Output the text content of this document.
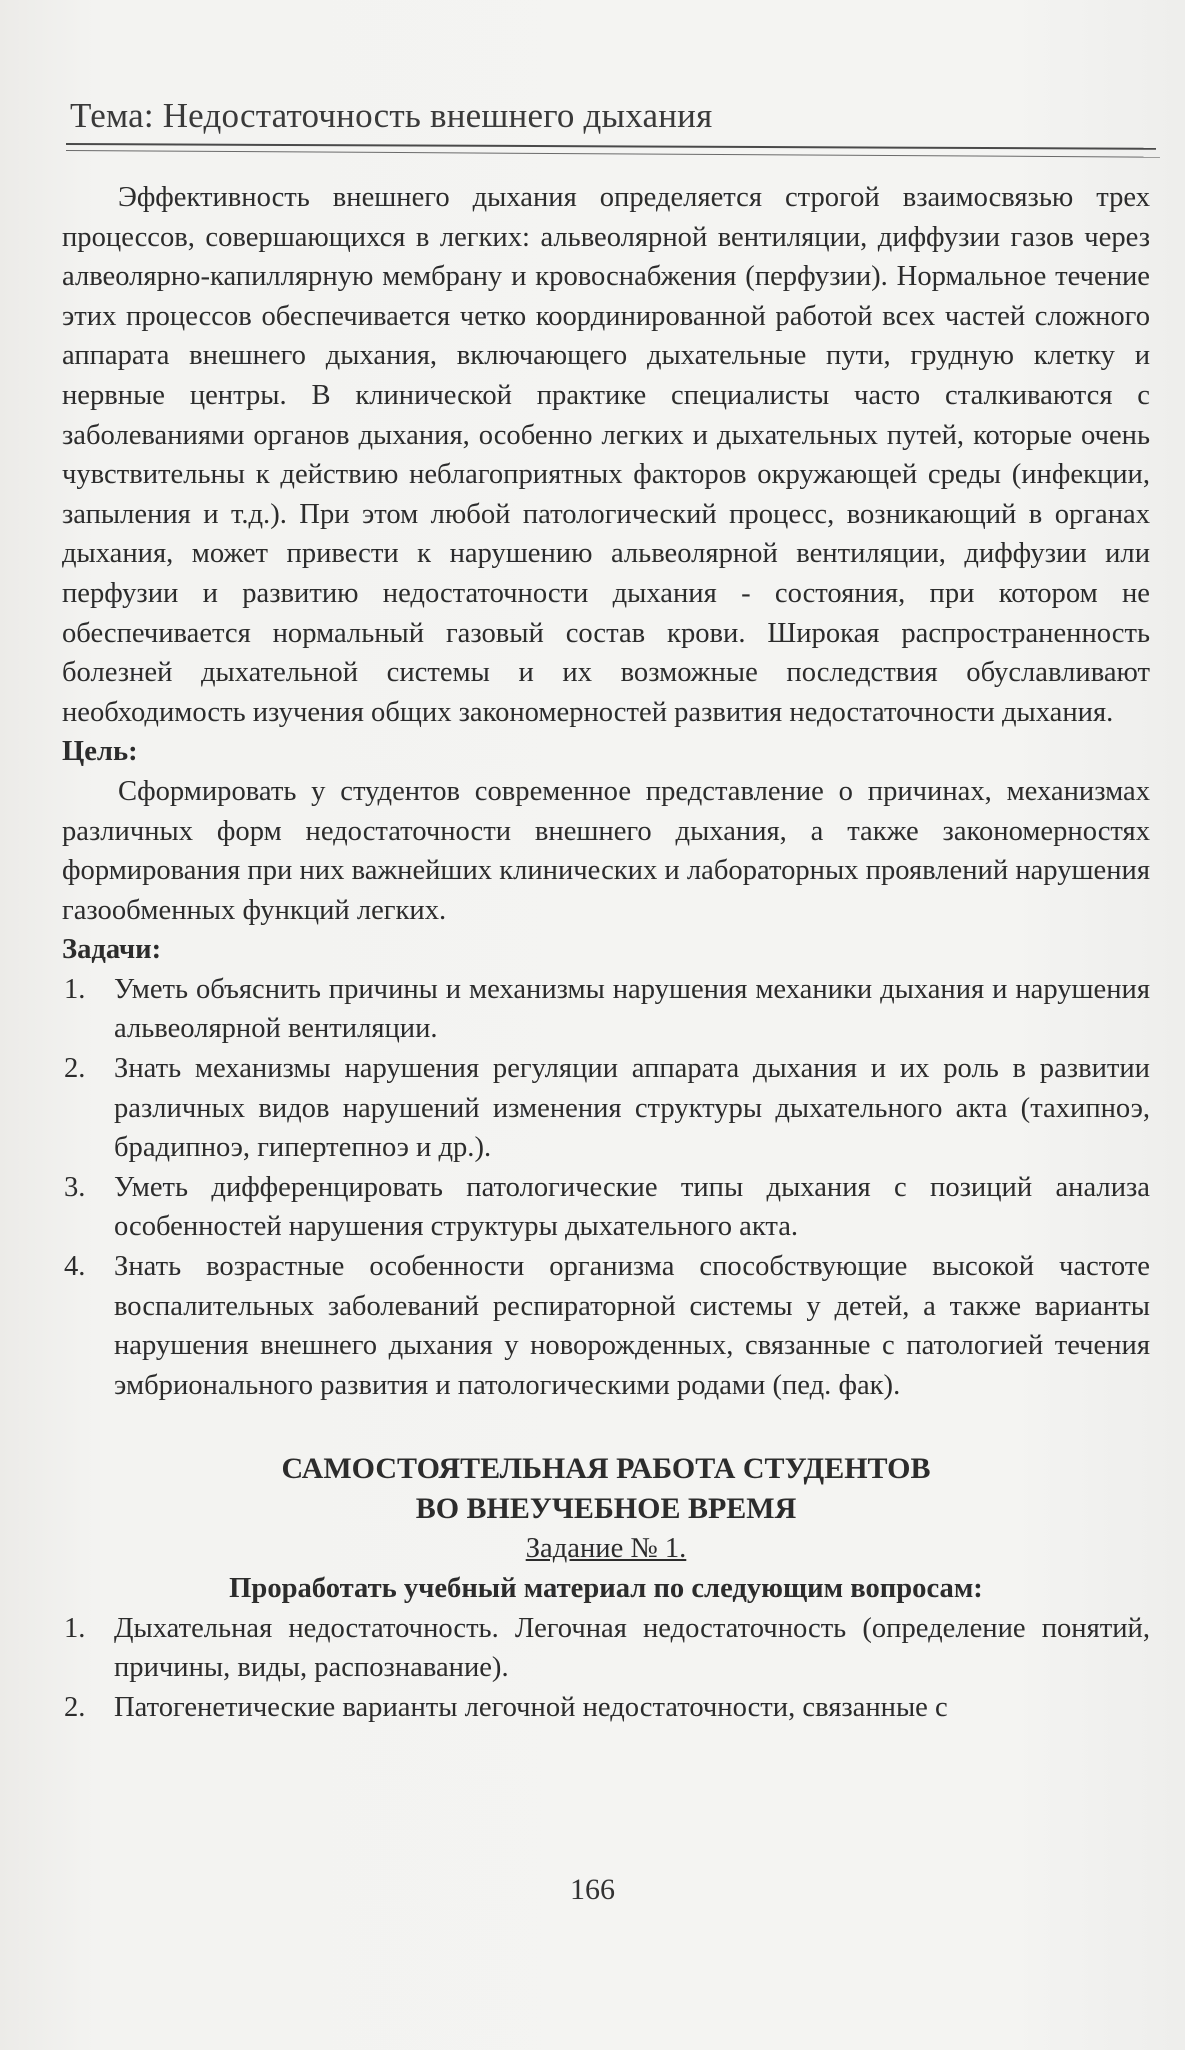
Тема: Недостаточность внешнего дыхания

Эффективность внешнего дыхания определяется строгой взаимосвязью трех процессов, совершающихся в легких: альвеолярной вентиляции, диффузии газов через алвеолярно-капиллярную мембрану и кровоснабжения (перфузии). Нормальное течение этих процессов обеспечивается четко координированной работой всех частей сложного аппарата внешнего дыхания, включающего дыхательные пути, грудную клетку и нервные центры. В клинической практике специалисты часто сталкиваются с заболеваниями органов дыхания, особенно легких и дыхательных путей, которые очень чувствительны к действию неблагоприятных факторов окружающей среды (инфекции, запыления и т.д.). При этом любой патологический процесс, возникающий в органах дыхания, может привести к нарушению альвеолярной вентиляции, диффузии или перфузии и развитию недостаточности дыхания - состояния, при котором не обеспечивается нормальный газовый состав крови. Широкая распространенность болезней дыхательной системы и их возможные последствия обуславливают необходимость изучения общих закономерностей развития недостаточности дыхания.

Цель:

Сформировать у студентов современное представление о причинах, механизмах различных форм недостаточности внешнего дыхания, а также закономерностях формирования при них важнейших клинических и лабораторных проявлений нарушения газообменных функций легких.

Задачи:

1. Уметь объяснить причины и механизмы нарушения механики дыхания и нарушения альвеолярной вентиляции.
2. Знать механизмы нарушения регуляции аппарата дыхания и их роль в развитии различных видов нарушений изменения структуры дыхательного акта (тахипноэ, брадипноэ, гипертепноэ и др.).
3. Уметь дифференцировать патологические типы дыхания с позиций анализа особенностей нарушения структуры дыхательного акта.
4. Знать возрастные особенности организма способствующие высокой частоте воспалительных заболеваний респираторной системы у детей, а также варианты нарушения внешнего дыхания у новорожденных, связанные с патологией течения эмбрионального развития и патологическими родами (пед. фак).

САМОСТОЯТЕЛЬНАЯ РАБОТА СТУДЕНТОВ

ВО ВНЕУЧЕБНОЕ ВРЕМЯ

Задание № 1.

Проработать учебный материал по следующим вопросам:

1. Дыхательная недостаточность. Легочная недостаточность (определение понятий, причины, виды, распознавание).
2. Патогенетические варианты легочной недостаточности, связанные с
166
